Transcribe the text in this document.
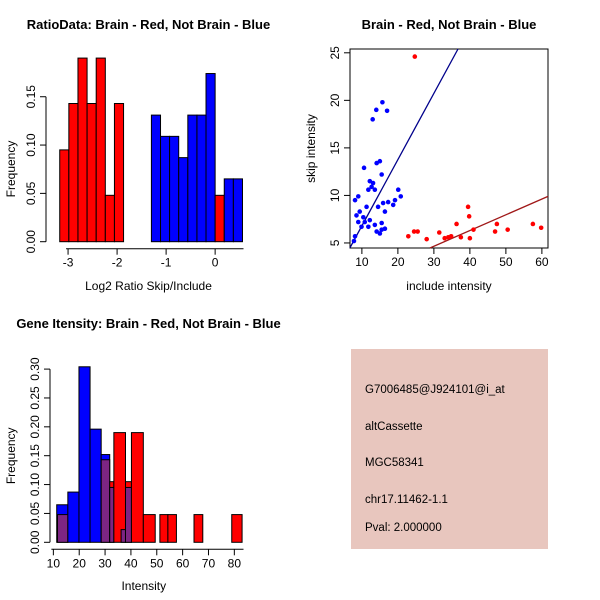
-3	-2	-1	0
0.00
0.05
0.10
0.15
10 20 30 40 50 60
5
10
15
20
25
10 20 30 40 50 60 70 80
0.00
0.05
0.10
0.15
0.20
0.25
0.30
RatioData: Brain - Red, Not Brain - Blue
Log2 Ratio Skip/Include
Frequency
Brain - Red, Not Brain - Blue
include intensity
skip intensity
Gene Itensity: Brain - Red, Not Brain - Blue
Intensity
Frequency
G7006485@J924101@i_at
altCassette
MGC58341
chr17.11462-1.1
Pval: 2.000000
